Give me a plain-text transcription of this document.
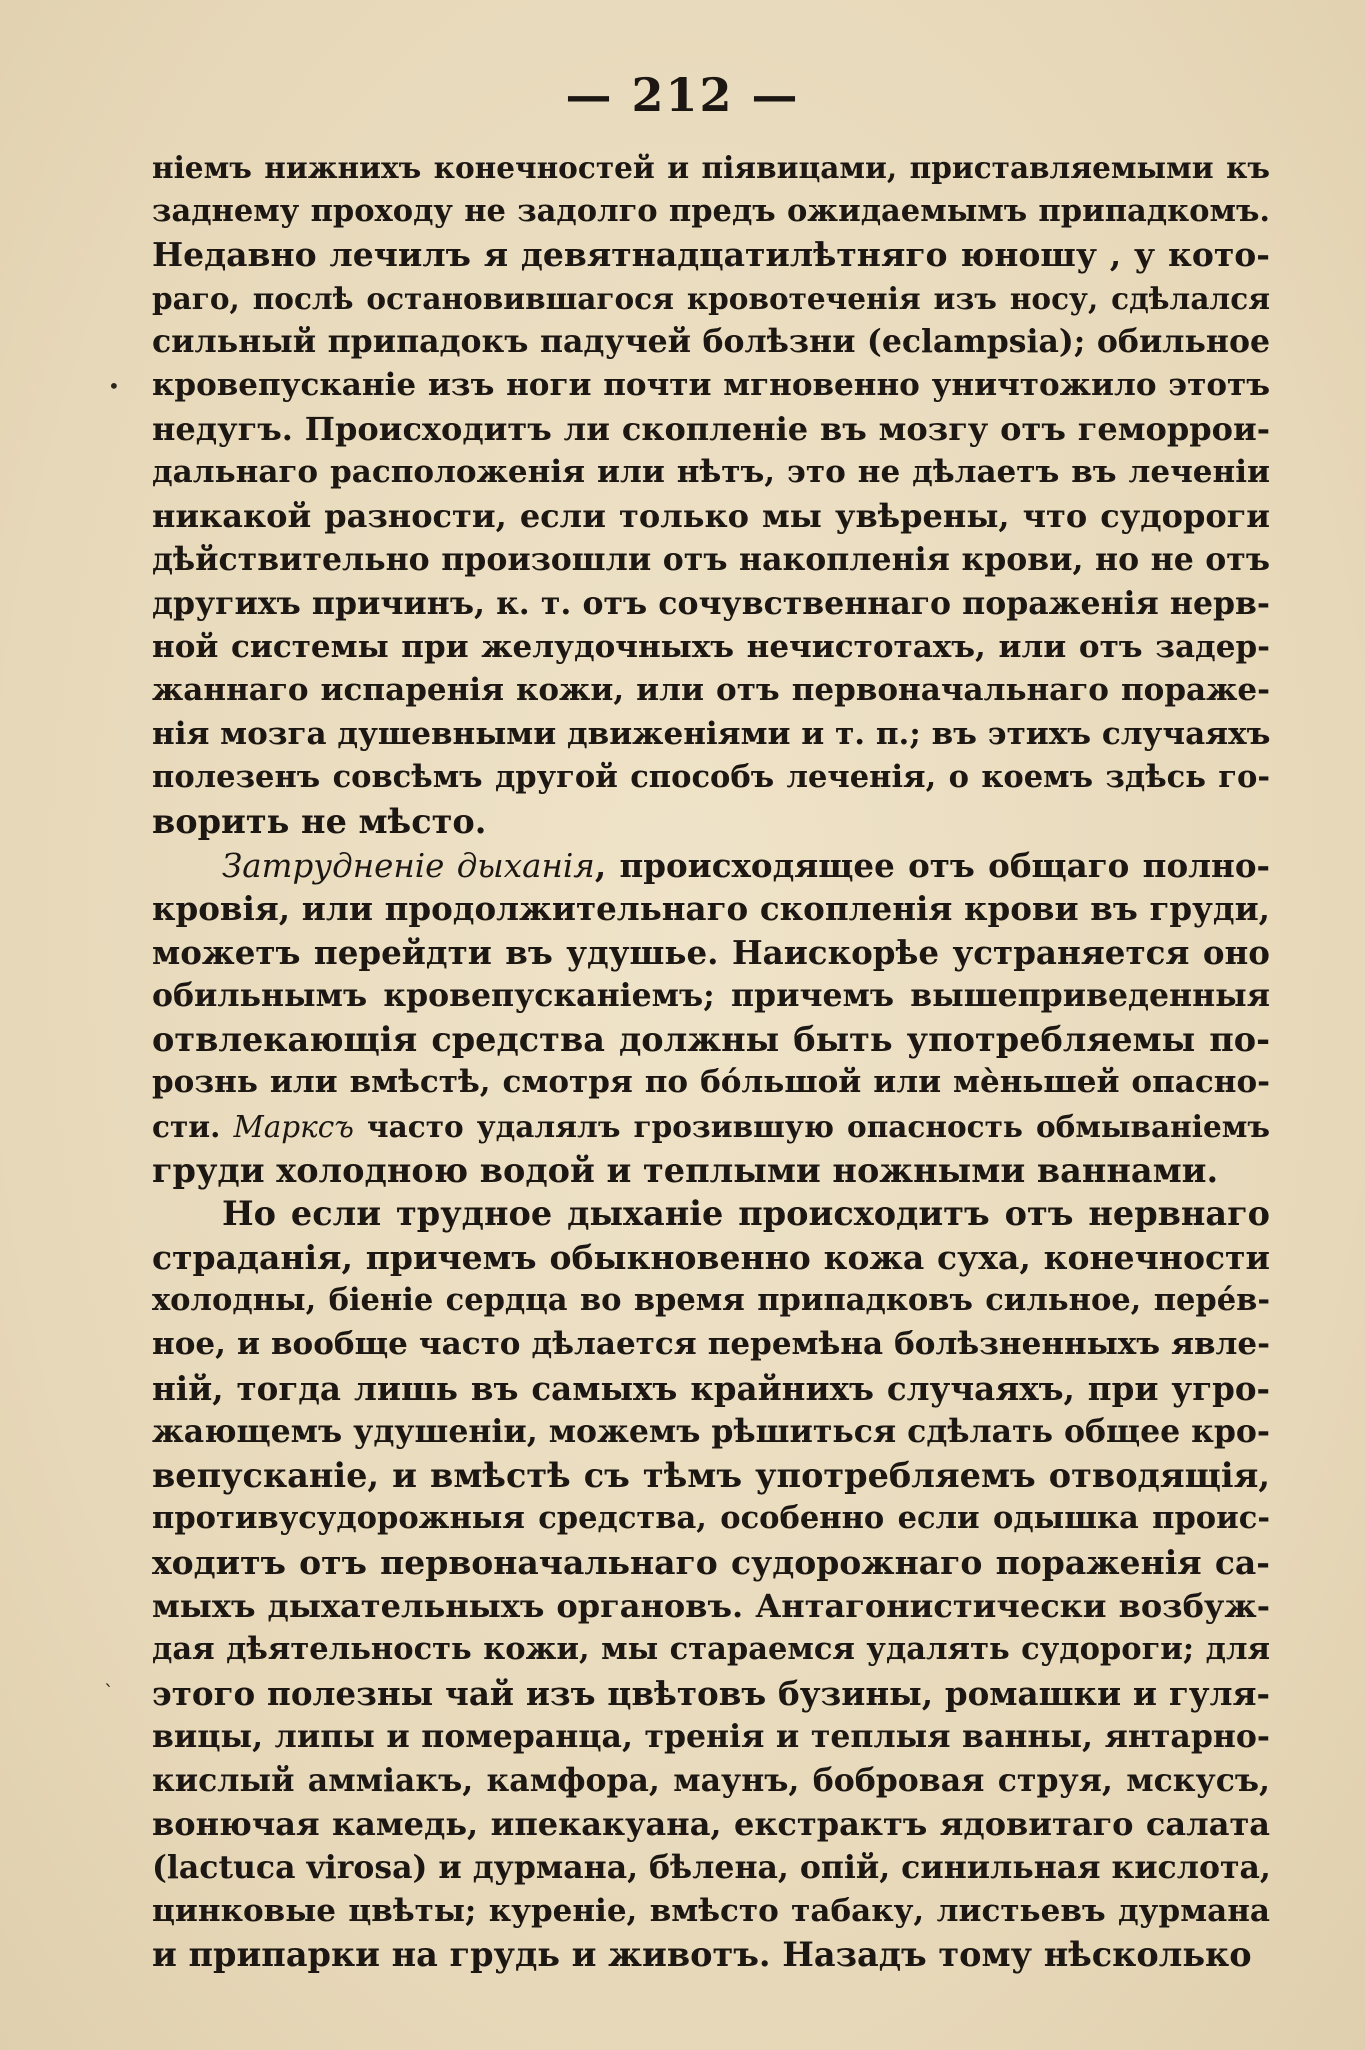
— 212 —
ніемъ нижнихъ конечностей и піявицами, приставляемыми къ
заднему проходу не задолго предъ ожидаемымъ припадкомъ.
Недавно лечилъ я девятнадцатилѣтняго юношу , у кото-
раго, послѣ остановившагося кровотеченія изъ носу, сдѣлался
сильный припадокъ падучей болѣзни (eclampsia); обильное
кровепусканіе изъ ноги почти мгновенно уничтожило этотъ
недугъ. Происходитъ ли скопленіе въ мозгу отъ геморрои-
дальнаго расположенія или нѣтъ, это не дѣлаетъ въ леченіи
никакой разности, если только мы увѣрены, что судороги
дѣйствительно произошли отъ накопленія крови, но не отъ
другихъ причинъ, к. т. отъ сочувственнаго пораженія нерв-
ной системы при желудочныхъ нечистотахъ, или отъ задер-
жаннаго испаренія кожи, или отъ первоначальнаго пораже-
нія мозга душевными движеніями и т. п.; въ этихъ случаяхъ
полезенъ совсѣмъ другой способъ леченія, о коемъ здѣсь го-
ворить не мѣсто.
Затрудненіе дыханія, происходящее отъ общаго полно-
кровія, или продолжительнаго скопленія крови въ груди,
можетъ перейдти въ удушье. Наискорѣе устраняется оно
обильнымъ кровепусканіемъ; причемъ вышеприведенныя
отвлекающія средства должны быть употребляемы по-
рознь или вмѣстѣ, смотря по бо́льшой или мѐньшей опасно-
сти. Марксъ часто удалялъ грозившую опасность обмываніемъ
груди холодною водой и теплыми ножными ваннами.
Но если трудное дыханіе происходитъ отъ нервнаго
страданія, причемъ обыкновенно кожа суха, конечности
холодны, біеніе сердца во время припадковъ сильное, пере́в-
ное, и вообще часто дѣлается перемѣна болѣзненныхъ явле-
ній, тогда лишь въ самыхъ крайнихъ случаяхъ, при угро-
жающемъ удушеніи, можемъ рѣшиться сдѣлать общее кро-
вепусканіе, и вмѣстѣ съ тѣмъ употребляемъ отводящія,
противусудорожныя средства, особенно если одышка проис-
ходитъ отъ первоначальнаго судорожнаго пораженія са-
мыхъ дыхательныхъ органовъ. Антагонистически возбуж-
дая дѣятельность кожи, мы стараемся удалять судороги; для
этого полезны чай изъ цвѣтовъ бузины, ромашки и гуля-
вицы, липы и померанца, тренія и теплыя ванны, янтарно-
кислый аммiакъ, камфора, маунъ, бобровая струя, мскусъ,
вонючая камедь, ипекакуана, екстрактъ ядовитаго салата
(lactuca virosa) и дурмана, бѣлена, опій, синильная кислота,
цинковые цвѣты; куреніе, вмѣсто табаку, листьевъ дурмана
и припарки на грудь и животъ. Назадъ тому нѣсколько
•
`
